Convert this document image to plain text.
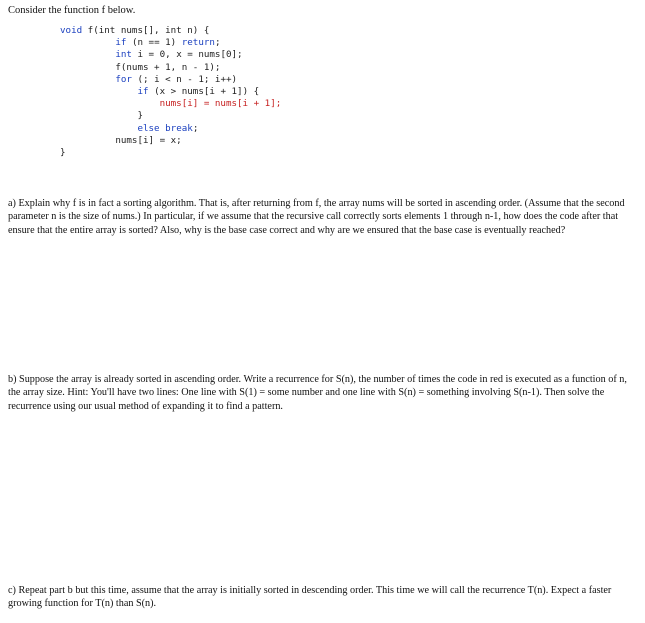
Consider the function f below.
void f(int nums[], int n) {
if (n == 1) return;
int i = 0, x = nums[0];
f(nums + 1, n - 1);
for (; i < n - 1; i++)
if (x > nums[i + 1]) {
nums[i] = nums[i + 1];
}
else break;
nums[i] = x;
}

a) Explain why f is in fact a sorting algorithm. That is, after returning from f, the array nums will be sorted in ascending order. (Assume that the second parameter n is the size of nums.) In particular, if we assume that the recursive call correctly sorts elements 1 through n-1, how does the code after that ensure that the entire array is sorted? Also, why is the base case correct and why are we ensured that the base case is eventually reached?

b) Suppose the array is already sorted in ascending order. Write a recurrence for S(n), the number of times the code in red is executed as a function of n, the array size. Hint: You'll have two lines: One line with S(1) = some number and one line with S(n) = something involving S(n-1). Then solve the recurrence using our usual method of expanding it to find a pattern.

c) Repeat part b but this time, assume that the array is initially sorted in descending order. This time we will call the recurrence T(n). Expect a faster growing function for T(n) than S(n).
